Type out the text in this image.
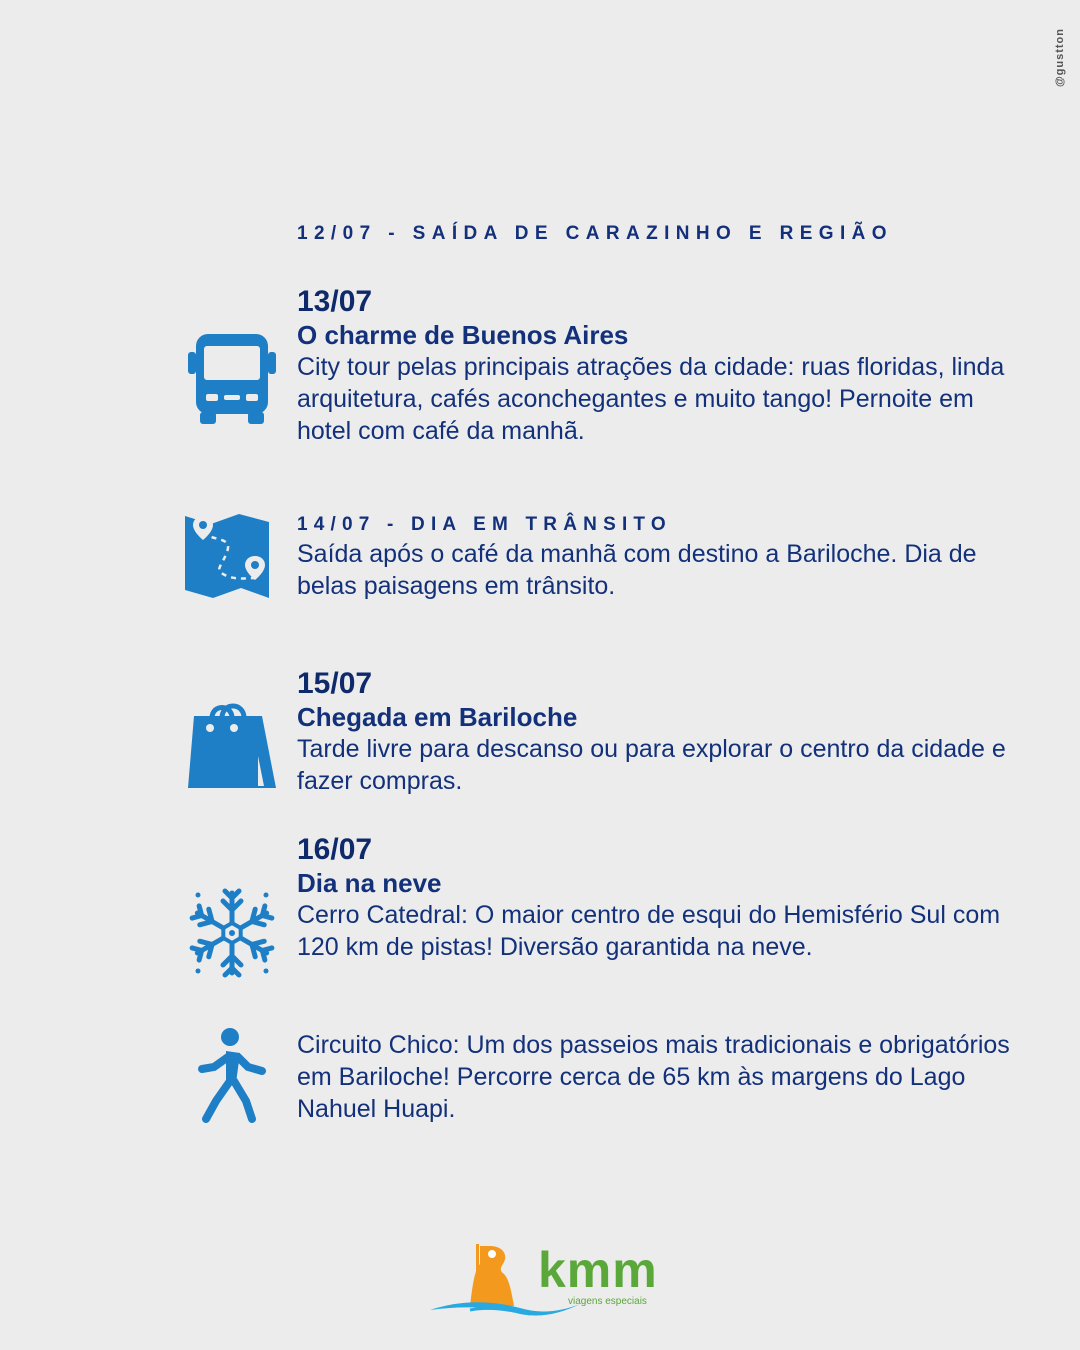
@gustton
12/07 - SAÍDA DE CARAZINHO E REGIÃO
13/07
O charme de Buenos Aires
City tour pelas principais atrações da cidade: ruas floridas, linda arquitetura, cafés aconchegantes e muito tango! Pernoite em hotel com café da manhã.
14/07 - DIA EM TRÂNSITO
Saída após o café da manhã com destino a Bariloche. Dia de belas paisagens em trânsito.
15/07
Chegada em Bariloche
Tarde livre para descanso ou para explorar o centro da cidade e fazer compras.
16/07
Dia na neve
Cerro Catedral: O maior centro de esqui do Hemisfério Sul com 120 km de pistas! Diversão garantida na neve.
Circuito Chico: Um dos passeios mais tradicionais e obrigatórios em Bariloche! Percorre cerca de 65 km às margens do Lago Nahuel Huapi.
kmm
viagens especiais
